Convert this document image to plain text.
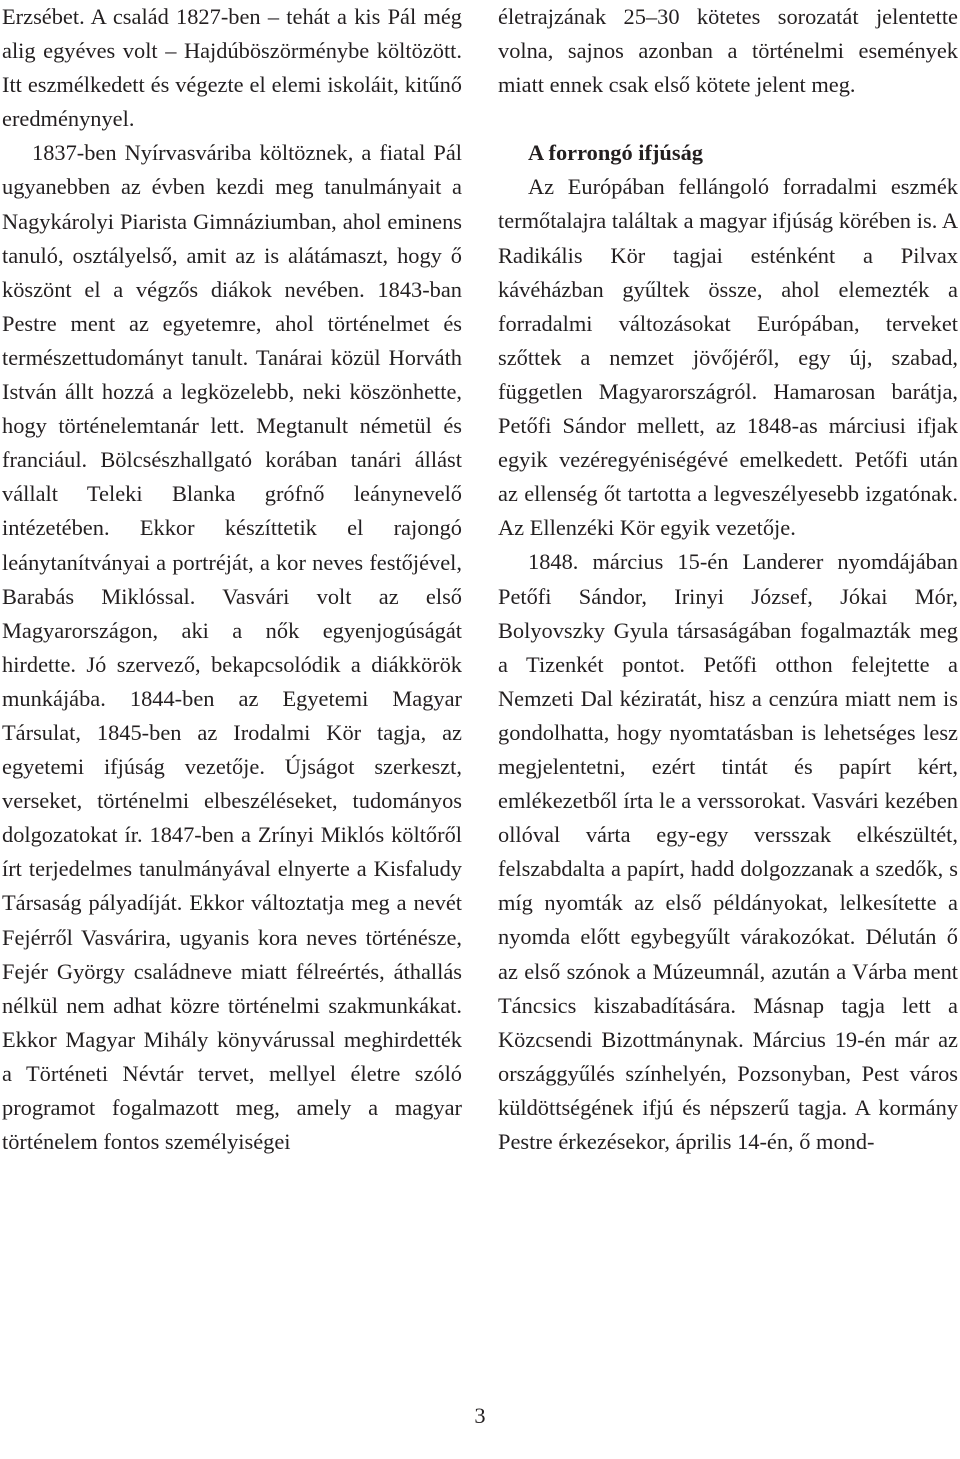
Erzsébet. A család 1827-ben – tehát a kis Pál még alig egyéves volt – Hajdúböszörménybe költözött. Itt eszmélkedett és végezte el elemi iskoláit, kitűnő eredménynyel.

1837-ben Nyírvasváriba költöznek, a fiatal Pál ugyanebben az évben kezdi meg tanulmányait a Nagykárolyi Piarista Gimnáziumban, ahol eminens tanuló, osztályelső, amit az is alátámaszt, hogy ő köszönt el a végzős diákok nevében. 1843-ban Pestre ment az egyetemre, ahol történelmet és természettudományt tanult. Tanárai közül Horváth István állt hozzá a legközelebb, neki köszönhette, hogy történelemtanár lett. Megtanult németül és franciául. Bölcsészhallgató korában tanári állást vállalt Teleki Blanka grófnő leánynevelő intézetében. Ekkor készíttetik el rajongó leánytanítványai a portréját, a kor neves festőjével, Barabás Miklóssal. Vasvári volt az első Magyarországon, aki a nők egyenjogúságát hirdette. Jó szervező, bekapcsolódik a diákkörök munkájába. 1844-ben az Egyetemi Magyar Társulat, 1845-ben az Irodalmi Kör tagja, az egyetemi ifjúság vezetője. Újságot szerkeszt, verseket, történelmi elbeszéléseket, tudományos dolgozatokat ír. 1847-ben a Zrínyi Miklós költőről írt terjedelmes tanulmányával elnyerte a Kisfaludy Társaság pályadíját. Ekkor változtatja meg a nevét Fejérről Vasvárira, ugyanis kora neves történésze, Fejér György családneve miatt félreértés, áthallás nélkül nem adhat közre történelmi szakmunkákat. Ekkor Magyar Mihály könyvárussal meghirdették a Történeti Névtár tervet, mellyel életre szóló programot fogalmazott meg, amely a magyar történelem fontos személyiségei

életrajzának 25–30 kötetes sorozatát jelentette volna, sajnos azonban a történelmi események miatt ennek csak első kötete jelent meg.

A forrongó ifjúság

Az Európában fellángoló forradalmi eszmék termőtalajra találtak a magyar ifjúság körében is. A Radikális Kör tagjai esténként a Pilvax kávéházban gyűltek össze, ahol elemezték a forradalmi változásokat Európában, terveket szőttek a nemzet jövőjéről, egy új, szabad, független Magyarországról. Hamarosan barátja, Petőfi Sándor mellett, az 1848-as márciusi ifjak egyik vezéregyéniségévé emelkedett. Petőfi után az ellenség őt tartotta a legveszélyesebb izgatónak. Az Ellenzéki Kör egyik vezetője.

1848. március 15-én Landerer nyomdájában Petőfi Sándor, Irinyi József, Jókai Mór, Bolyovszky Gyula társaságában fogalmazták meg a Tizenkét pontot. Petőfi otthon felejtette a Nemzeti Dal kéziratát, hisz a cenzúra miatt nem is gondolhatta, hogy nyomtatásban is lehetséges lesz megjelentetni, ezért tintát és papírt kért, emlékezetből írta le a verssorokat. Vasvári kezében ollóval várta egy-egy versszak elkészültét, felszabdalta a papírt, hadd dolgozzanak a szedők, s míg nyomták az első példányokat, lelkesítette a nyomda előtt egybegyűlt várakozókat. Délután ő az első szónok a Múzeumnál, azután a Várba ment Táncsics kiszabadítására. Másnap tagja lett a Közcsendi Bizottmánynak. Március 19-én már az országgyűlés színhelyén, Pozsonyban, Pest város küldöttségének ifjú és népszerű tagja. A kormány Pestre érkezésekor, április 14-én, ő mond-

3
